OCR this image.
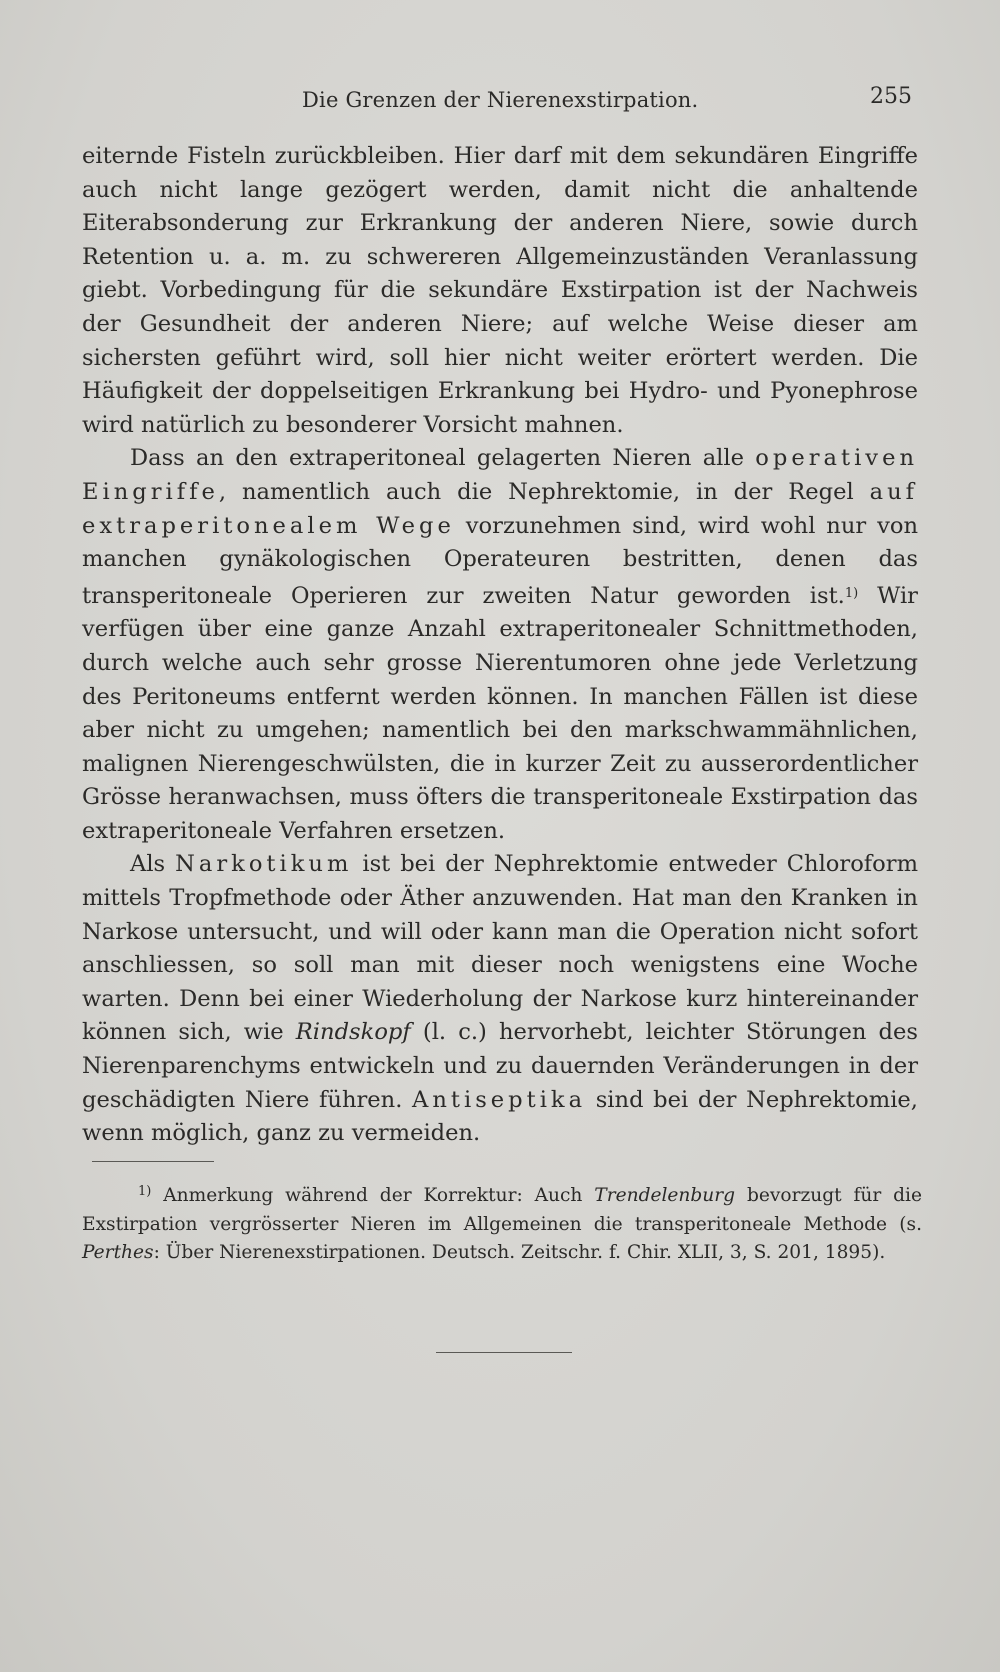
Die Grenzen der Nierenexstirpation.	255

eiternde Fisteln zurückbleiben. Hier darf mit dem sekundären Eingriffe auch nicht lange gezögert werden, damit nicht die anhaltende Eiterabsonderung zur Erkrankung der anderen Niere, sowie durch Retention u. a. m. zu schwereren Allgemeinzuständen Veranlassung giebt. Vorbedingung für die sekundäre Exstirpation ist der Nachweis der Gesundheit der anderen Niere; auf welche Weise dieser am sichersten geführt wird, soll hier nicht weiter erörtert werden. Die Häufigkeit der doppelseitigen Erkrankung bei Hydro- und Pyonephrose wird natürlich zu besonderer Vorsicht mahnen.

Dass an den extraperitoneal gelagerten Nieren alle operativen Eingriffe, namentlich auch die Nephrektomie, in der Regel auf extraperitonealem Wege vorzunehmen sind, wird wohl nur von manchen gynäkologischen Operateuren bestritten, denen das transperitoneale Operieren zur zweiten Natur geworden ist.$^{1)}$ Wir verfügen über eine ganze Anzahl extraperitonealer Schnittmethoden, durch welche auch sehr grosse Nierentumoren ohne jede Verletzung des Peritoneums entfernt werden können. In manchen Fällen ist diese aber nicht zu umgehen; namentlich bei den markschwammähnlichen, malignen Nierengeschwülsten, die in kurzer Zeit zu ausserordentlicher Grösse heranwachsen, muss öfters die transperitoneale Exstirpation das extraperitoneale Verfahren ersetzen.

Als Narkotikum ist bei der Nephrektomie entweder Chloroform mittels Tropfmethode oder Äther anzuwenden. Hat man den Kranken in Narkose untersucht, und will oder kann man die Operation nicht sofort anschliessen, so soll man mit dieser noch wenigstens eine Woche warten. Denn bei einer Wiederholung der Narkose kurz hintereinander können sich, wie Rindskopf (l. c.) hervorhebt, leichter Störungen des Nierenparenchyms entwickeln und zu dauernden Veränderungen in der geschädigten Niere führen. Antiseptika sind bei der Nephrektomie, wenn möglich, ganz zu vermeiden.

$^{1)}$ Anmerkung während der Korrektur: Auch Trendelenburg bevorzugt für die Exstirpation vergrösserter Nieren im Allgemeinen die transperitoneale Methode (s. Perthes: Über Nierenexstirpationen. Deutsch. Zeitschr. f. Chir. XLII, 3, S. 201, 1895).
